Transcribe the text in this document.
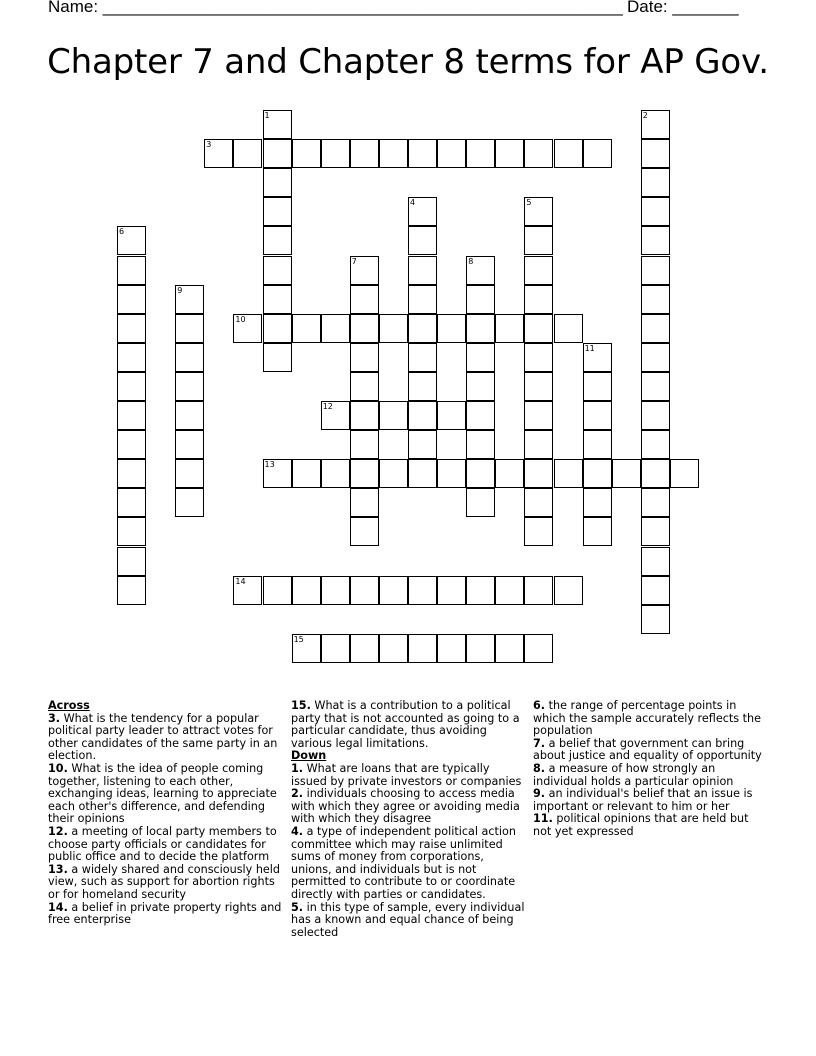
Name: _______________________________________________________ Date: _______
Chapter 7 and Chapter 8 terms for AP Gov.
1	2
3
4	5
6
7	8
9
10
11
12
13
14
15

Across

3. What is the tendency for a popular political party leader to attract votes for other candidates of the same party in an election.

10. What is the idea of people coming together, listening to each other, exchanging ideas, learning to appreciate each other's difference, and defending their opinions

12. a meeting of local party members to choose party officials or candidates for public office and to decide the platform

13. a widely shared and consciously held view, such as support for abortion rights or for homeland security

14. a belief in private property rights and free enterprise

15. What is a contribution to a political party that is not accounted as going to a particular candidate, thus avoiding various legal limitations.

Down

1. What are loans that are typically issued by private investors or companies

2. individuals choosing to access media with which they agree or avoiding media with which they disagree

4. a type of independent political action committee which may raise unlimited sums of money from corporations, unions, and individuals but is not permitted to contribute to or coordinate directly with parties or candidates.

5. in this type of sample, every individual has a known and equal chance of being selected

6. the range of percentage points in which the sample accurately reflects the population

7. a belief that government can bring about justice and equality of opportunity

8. a measure of how strongly an individual holds a particular opinion

9. an individual's belief that an issue is important or relevant to him or her

11. political opinions that are held but not yet expressed
